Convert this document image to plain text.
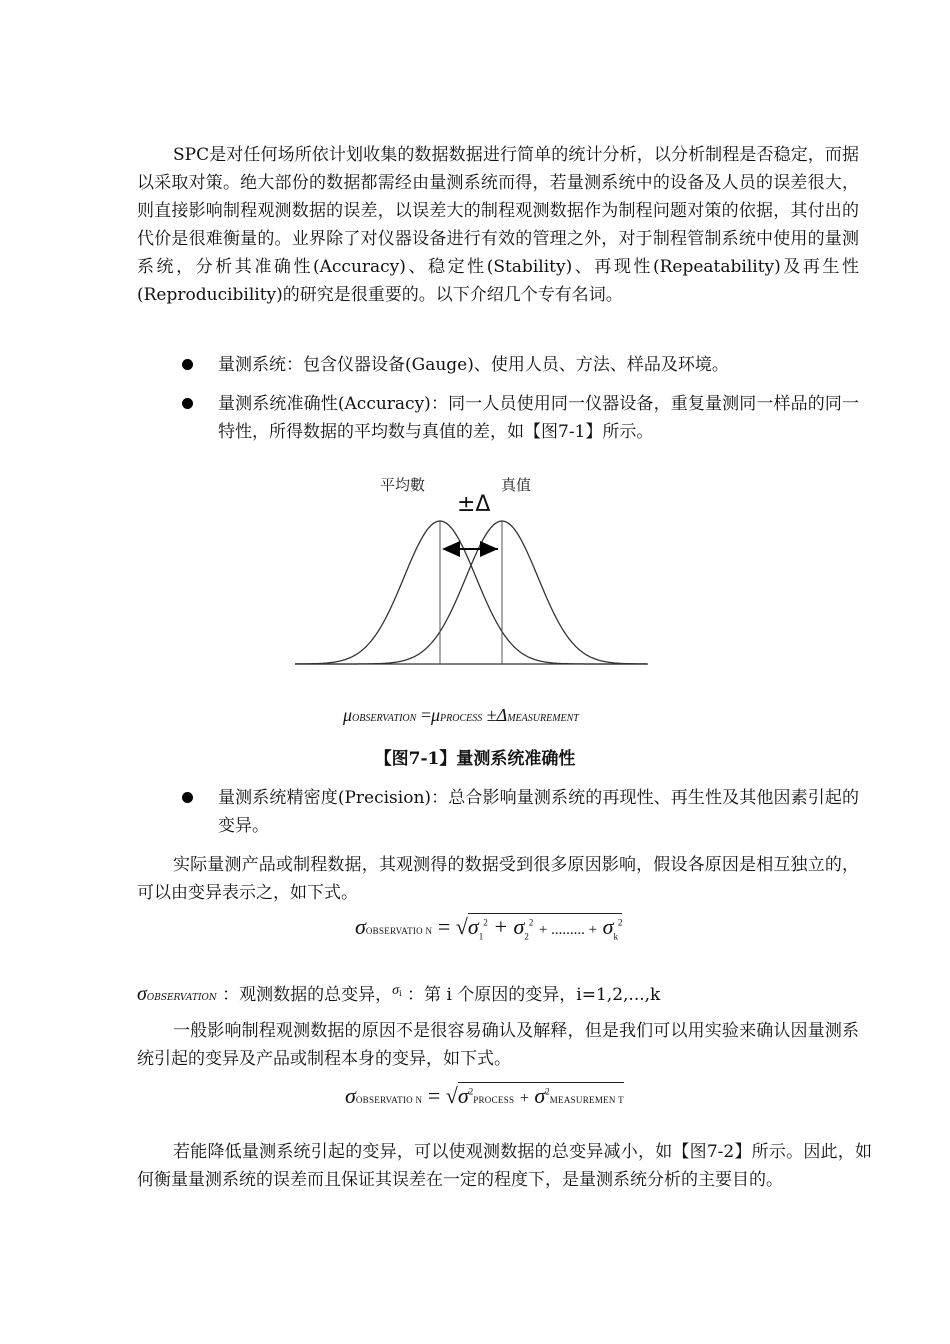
SPC是对任何场所依计划收集的数据数据进行简单的统计分析，以分析制程是否稳定，而据以采取对策。绝大部份的数据都需经由量测系统而得，若量测系统中的设备及人员的误差很大，则直接影响制程观测数据的误差，以误差大的制程观测数据作为制程问题对策的依据，其付出的代价是很难衡量的。业界除了对仪器设备进行有效的管理之外，对于制程管制系统中使用的量测系统，分析其准确性(Accuracy)、稳定性(Stability)、再现性(Repeatability)及再生性(Reproducibility)的研究是很重要的。以下介绍几个专有名词。

量测系统：包含仪器设备(Gauge)、使用人员、方法、样品及环境。
量测系统准确性(Accuracy)：同一人员使用同一仪器设备，重复量测同一样品的同一特性，所得数据的平均数与真值的差，如【图7-1】所示。
平均數	真值
±Δ
μOBSERVATION =μPROCESS ±ΔMEASUREMENT
【图7-1】量测系统准确性
量测系统精密度(Precision)：总合影响量测系统的再现性、再生性及其他因素引起的变异。

实际量测产品或制程数据，其观测得的数据受到很多原因影响，假设各原因是相互独立的，可以由变异表示之，如下式。

σOBSERVATIO $N = √\sigma_1^2 + \sigma_2^2$ + ......... + $\sigma_k^2$
σOBSERVATION ：观测数据的总变异，$^{\sigma i}$ ：第 i 个原因的变异，i=1,2,...,k

一般影响制程观测数据的原因不是很容易确认及解释，但是我们可以用实验来确认因量测系统引起的变异及产品或制程本身的变异，如下式。

σOBSERVATIO $N = √\sigma^2PROCESS$ + $\sigma^2MEASUREMEN$ T

若能降低量测系统引起的变异，可以使观测数据的总变异减小，如【图7-2】所示。因此，如何衡量量测系统的误差而且保证其误差在一定的程度下，是量测系统分析的主要目的。
